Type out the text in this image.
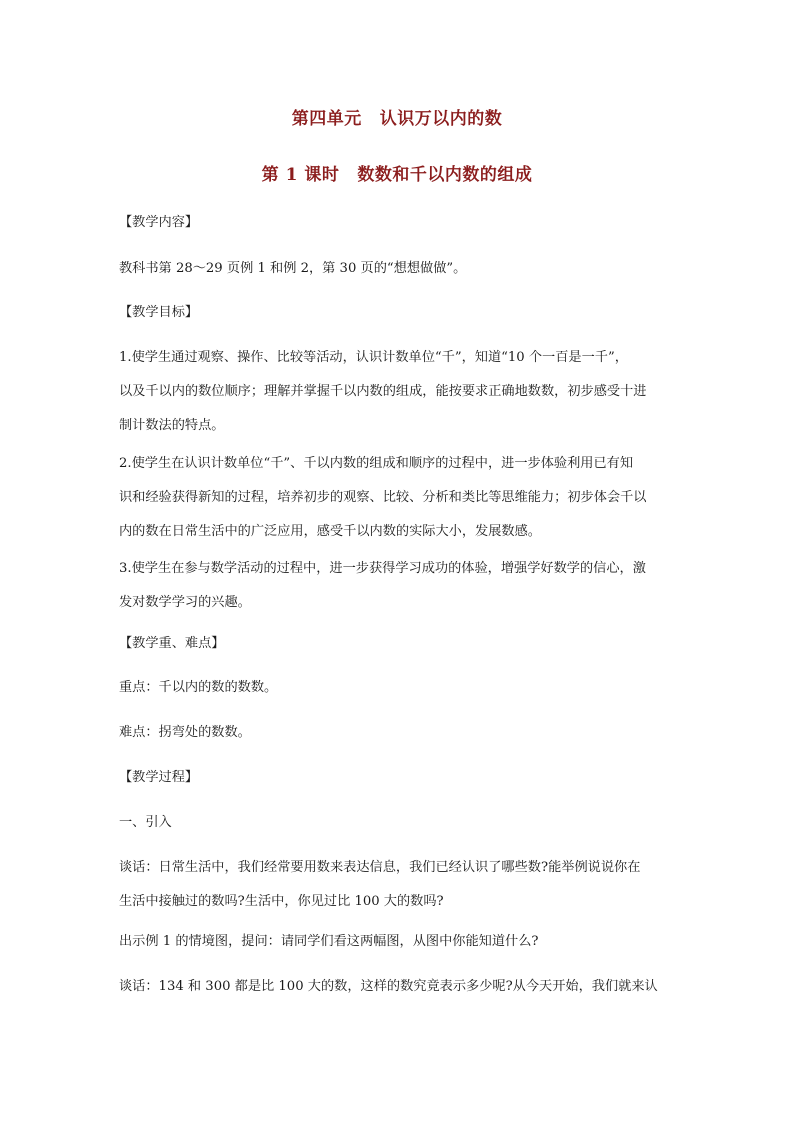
第四单元 认识万以内的数
第 1 课时 数数和千以内数的组成
【教学内容】
教科书第 28～29 页例 1 和例 2，第 30 页的“想想做做”。
【教学目标】
1.使学生通过观察、操作、比较等活动，认识计数单位“千”，知道“10 个一百是一千”，
以及千以内的数位顺序；理解并掌握千以内数的组成，能按要求正确地数数，初步感受十进
制计数法的特点。
2.使学生在认识计数单位“千”、千以内数的组成和顺序的过程中，进一步体验利用已有知
识和经验获得新知的过程，培养初步的观察、比较、分析和类比等思维能力；初步体会千以
内的数在日常生活中的广泛应用，感受千以内数的实际大小，发展数感。
3.使学生在参与数学活动的过程中，进一步获得学习成功的体验，增强学好数学的信心，激
发对数学学习的兴趣。
【教学重、难点】
重点：千以内的数的数数。
难点：拐弯处的数数。
【教学过程】
一、引入
谈话：日常生活中，我们经常要用数来表达信息，我们已经认识了哪些数?能举例说说你在
生活中接触过的数吗?生活中，你见过比 100 大的数吗?
出示例 1 的情境图，提问：请同学们看这两幅图，从图中你能知道什么?
谈话：134 和 300 都是比 100 大的数，这样的数究竟表示多少呢?从今天开始，我们就来认
